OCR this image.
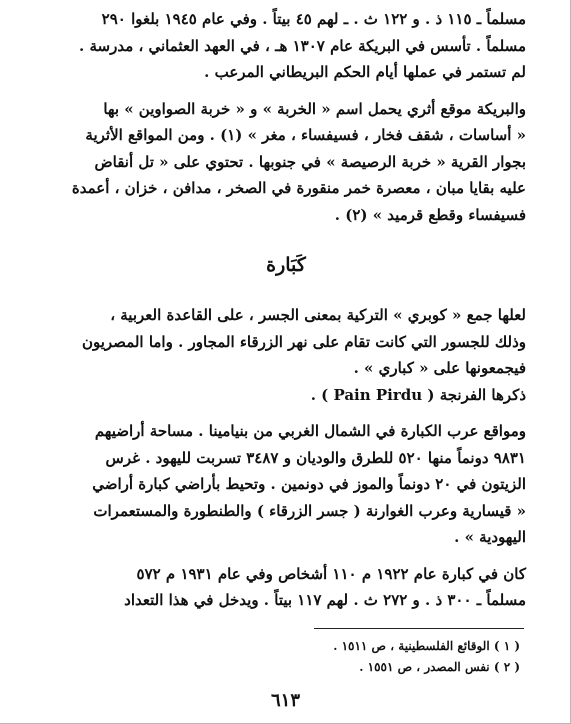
مسلماً ـ ١١٥ ذ . و ١٢٢ ث . ـ لهم ٤٥ بيتاً . وفي عام ١٩٤٥ بلغوا ٢٩٠
مسلماً . تأسس في البريكة عام ١٣٠٧ هـ ، في العهد العثماني ، مدرسة .
لم تستمر في عملها أيام الحكم البريطاني المرعب .

والبريكة موقع أثري يحمل اسم « الخربة » و « خربة الصواوين » بها
« أساسات ، شقف فخار ، فسيفساء ، مغر » (١) . ومن المواقع الأثرية
بجوار القرية « خربة الرصيصة » في جنوبها . تحتوي على « تل أنقاض
عليه بقايا مبان ، معصرة خمر منقورة في الصخر ، مدافن ، خزان ، أعمدة
فسيفساء وقطع قرميد » (٢) .

كَبَارة

لعلها جمع « كوبري » التركية بمعنى الجسر ، على القاعدة العربية ،
وذلك للجسور التي كانت تقام على نهر الزرقاء المجاور . واما المصريون
فيجمعونها على « كباري » .
ذكرها الفرنجة ( Pain Pirdu ) .

ومواقع عرب الكبارة في الشمال الغربي من بنيامينا . مساحة أراضيهم
٩٨٣١ دونماً منها ٥٢٠ للطرق والوديان و ٣٤٨٧ تسربت لليهود . غرس
الزيتون في ٢٠ دونماً والموز في دونمين . وتحيط بأراضي كبارة أراضي
« قيسارية وعرب الغوارنة ( جسر الزرقاء ) والطنطورة والمستعمرات
اليهودية » .

كان في كبارة عام ١٩٢٢ م ١١٠ أشخاص وفي عام ١٩٣١ م ٥٧٢
مسلماً ـ ٣٠٠ ذ . و ٢٧٢ ث . لهم ١١٧ بيتاً . ويدخل في هذا التعداد

( ١ ) الوقائع الفلسطينية ، ص ١٥١١ .
( ٢ ) نفس المصدر ، ص ١٥٥١ .
٦١٣
